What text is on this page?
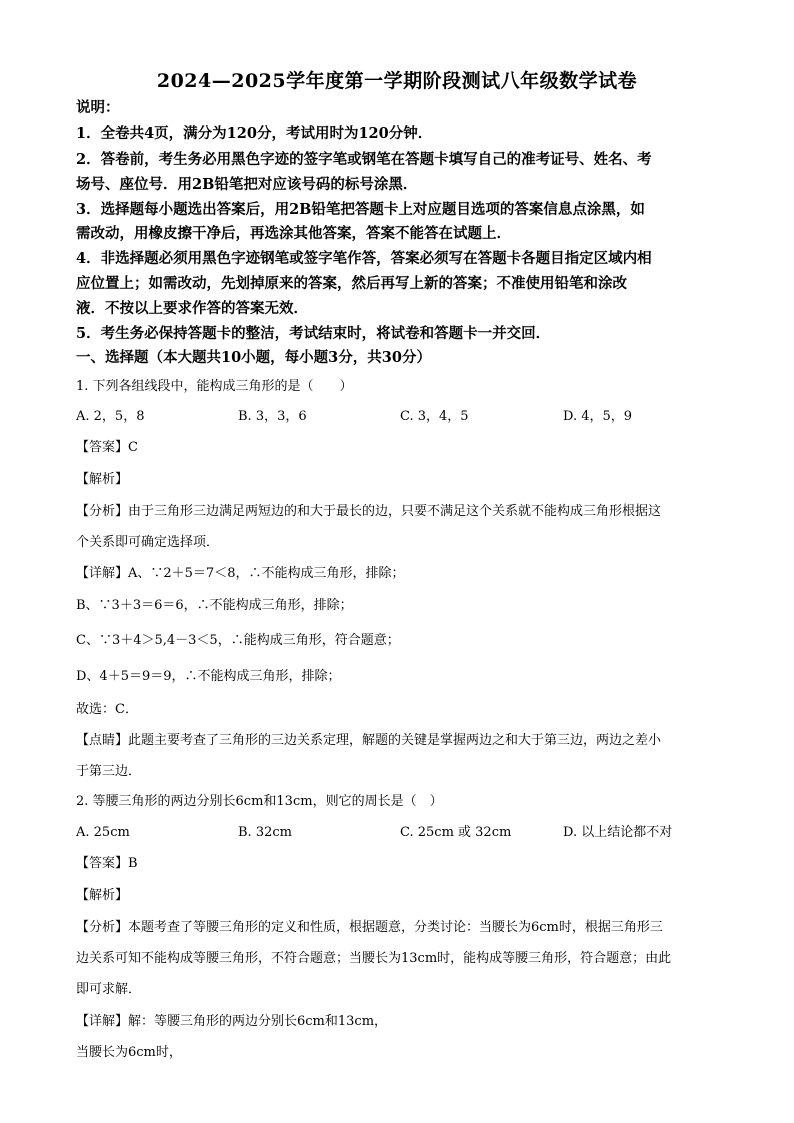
2024—2025学年度第一学期阶段测试八年级数学试卷
说明：
1．全卷共4页，满分为120分，考试用时为120分钟．
2．答卷前，考生务必用黑色字迹的签字笔或钢笔在答题卡填写自己的准考证号、姓名、考
场号、座位号．用2B铅笔把对应该号码的标号涂黑．
3．选择题每小题选出答案后，用2B铅笔把答题卡上对应题目选项的答案信息点涂黑，如
需改动，用橡皮擦干净后，再选涂其他答案，答案不能答在试题上．
4．非选择题必须用黑色字迹钢笔或签字笔作答，答案必须写在答题卡各题目指定区域内相
应位置上；如需改动，先划掉原来的答案，然后再写上新的答案；不准使用铅笔和涂改
液．不按以上要求作答的答案无效．
5．考生务必保持答题卡的整洁，考试结束时，将试卷和答题卡一并交回．
一、选择题（本大题共10小题，每小题3分，共30分）
1. 下列各组线段中，能构成三角形的是（　　）
A. 2，5，8	B. 3，3，6	C. 3，4，5	D. 4，5，9
【答案】C
【解析】
【分析】由于三角形三边满足两短边的和大于最长的边，只要不满足这个关系就不能构成三角形根据这
个关系即可确定选择项．
【详解】A、∵2＋5＝7＜8，∴不能构成三角形，排除；
B、∵3＋3＝6＝6，∴不能构成三角形，排除；
C、∵3＋4＞5,4－3＜5，∴能构成三角形，符合题意；
D、4＋5＝9＝9，∴不能构成三角形，排除；
故选：C．
【点睛】此题主要考查了三角形的三边关系定理，解题的关键是掌握两边之和大于第三边，两边之差小
于第三边．
2. 等腰三角形的两边分别长6cm和13cm，则它的周长是（　）
A. 25cm	B. 32cm	C. 25cm 或 32cm	D. 以上结论都不对
【答案】B
【解析】
【分析】本题考查了等腰三角形的定义和性质，根据题意，分类讨论：当腰长为6cm时，根据三角形三
边关系可知不能构成等腰三角形，不符合题意；当腰长为13cm时，能构成等腰三角形，符合题意；由此
即可求解．
【详解】解：等腰三角形的两边分别长6cm和13cm，
当腰长为6cm时，
